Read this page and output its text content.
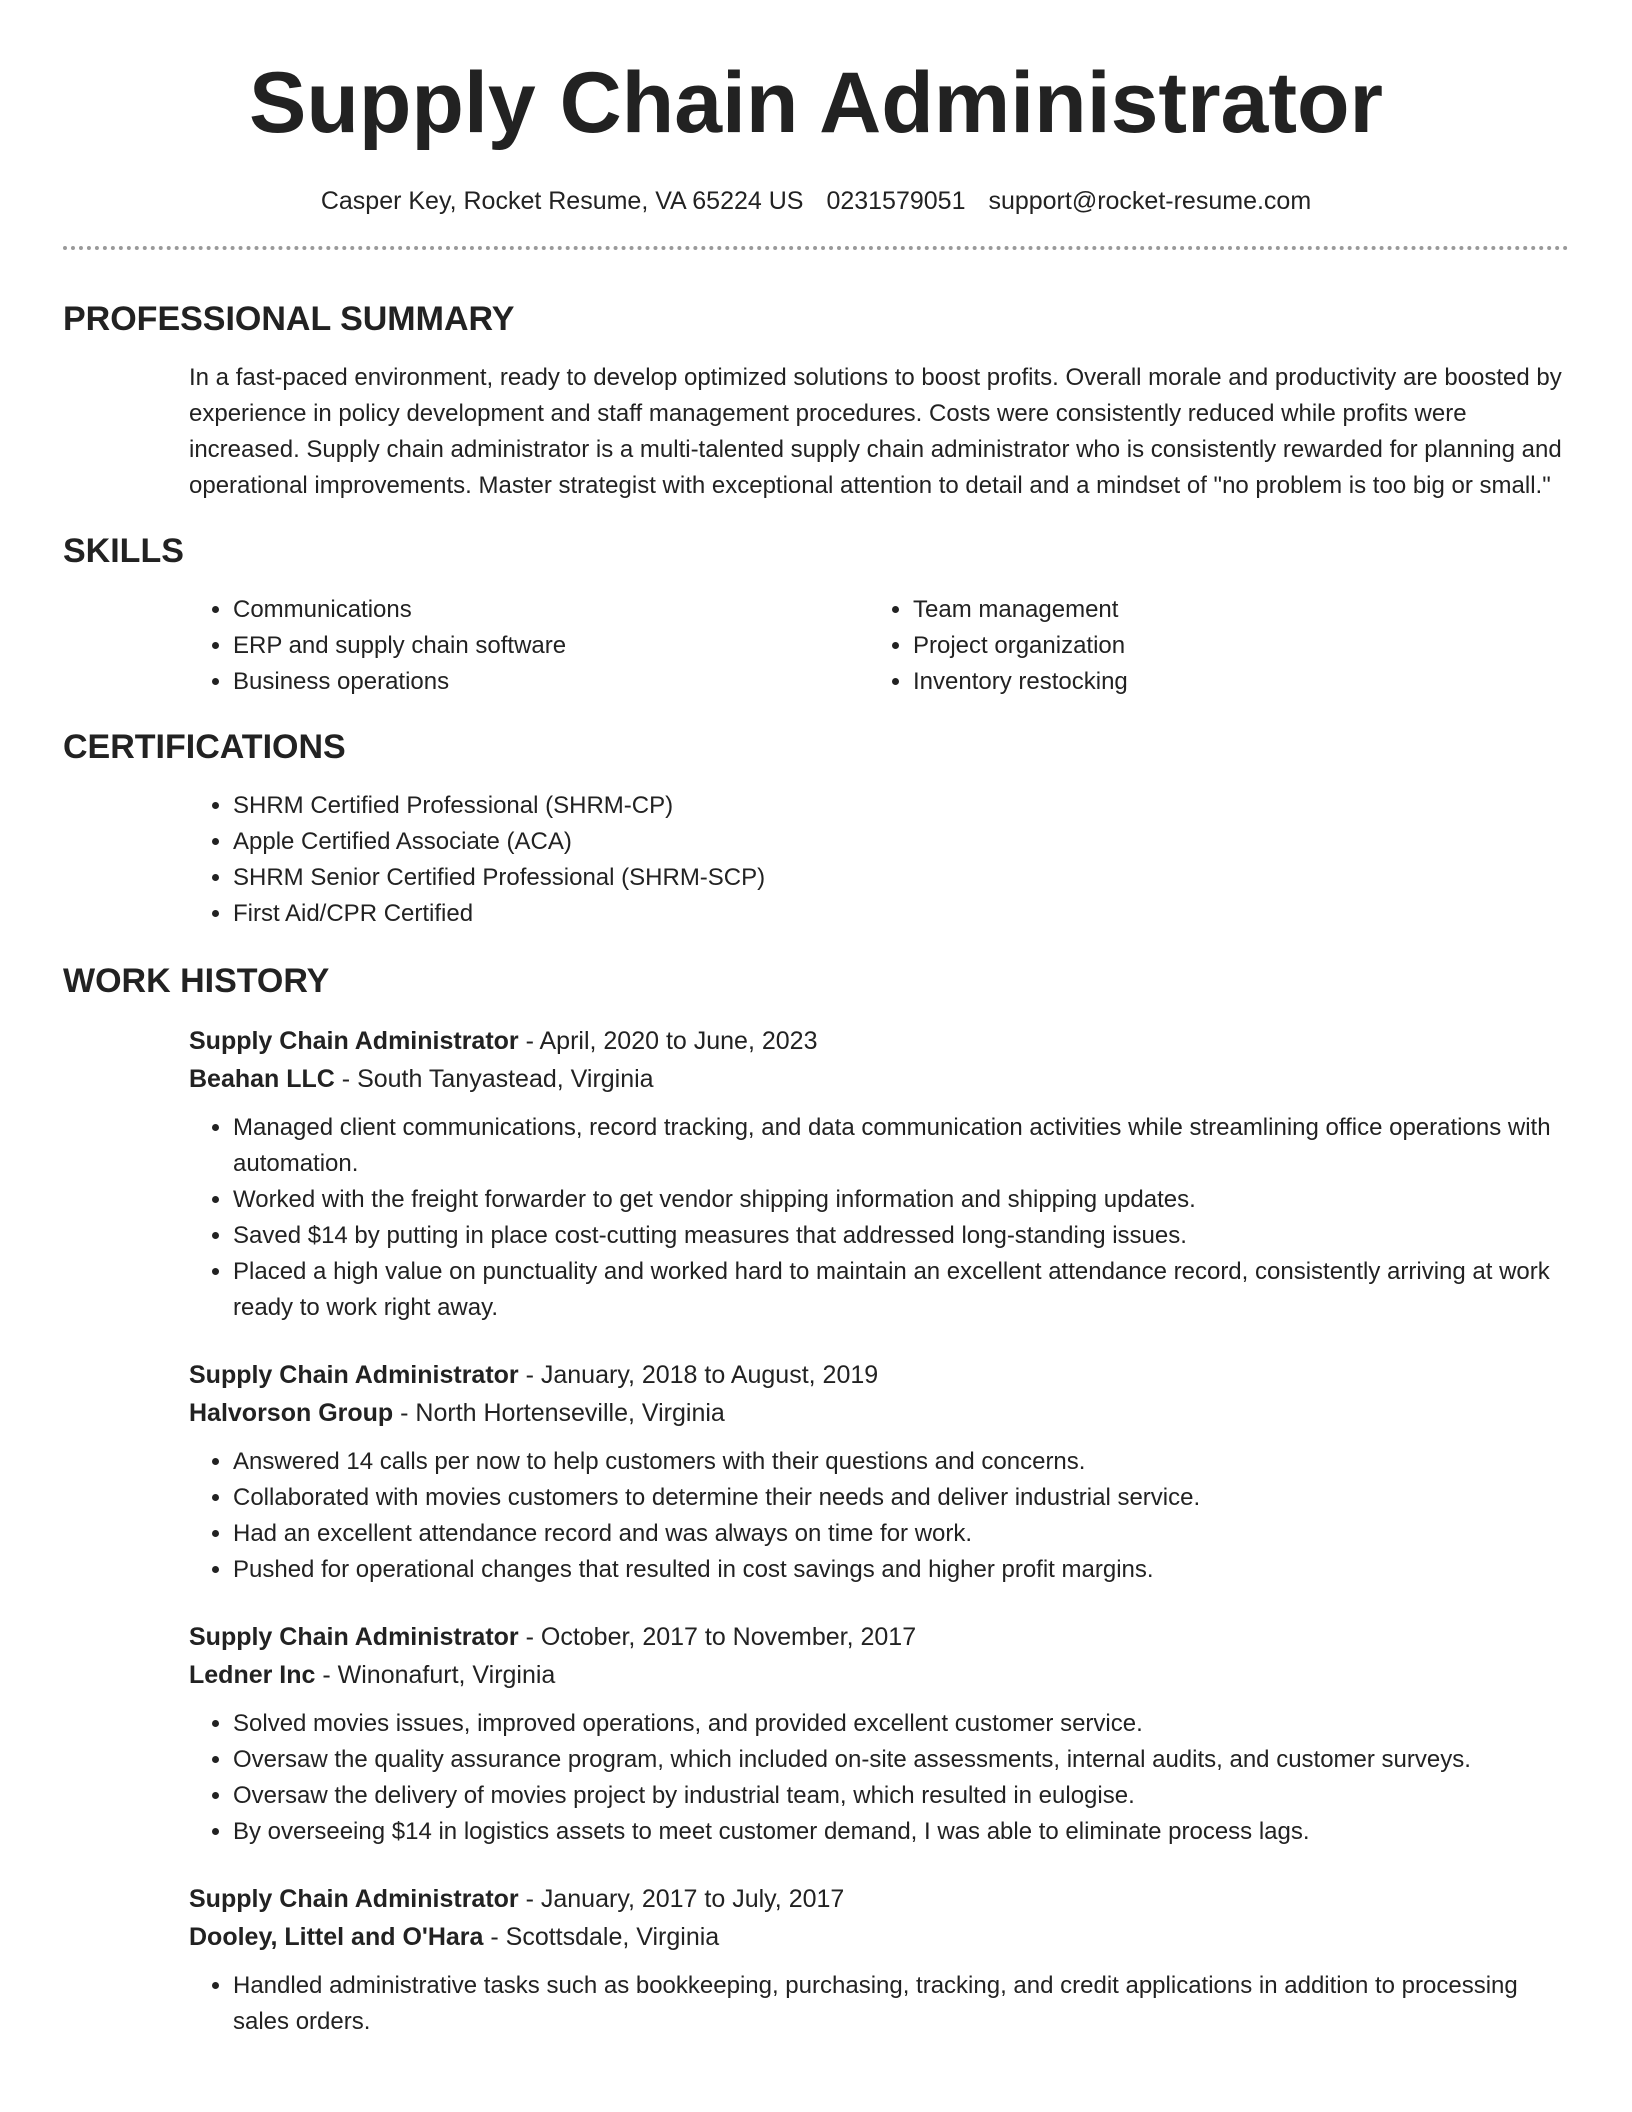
Supply Chain Administrator
Casper Key, Rocket Resume, VA 65224 US 0231579051 support@rocket-resume.com
PROFESSIONAL SUMMARY

In a fast-paced environment, ready to develop optimized solutions to boost profits. Overall morale and productivity are boosted by experience in policy development and staff management procedures. Costs were consistently reduced while profits were increased. Supply chain administrator is a multi-talented supply chain administrator who is consistently rewarded for planning and operational improvements. Master strategist with exceptional attention to detail and a mindset of "no problem is too big or small."

SKILLS
• Communications
• ERP and supply chain software
• Business operations
• Team management
• Project organization
• Inventory restocking
CERTIFICATIONS
• SHRM Certified Professional (SHRM-CP)
• Apple Certified Associate (ACA)
• SHRM Senior Certified Professional (SHRM-SCP)
• First Aid/CPR Certified
WORK HISTORY
Supply Chain Administrator - April, 2020 to June, 2023
Beahan LLC - South Tanyastead, Virginia
• Managed client communications, record tracking, and data communication activities while streamlining office operations with automation.
• Worked with the freight forwarder to get vendor shipping information and shipping updates.
• Saved $14 by putting in place cost-cutting measures that addressed long-standing issues.
• Placed a high value on punctuality and worked hard to maintain an excellent attendance record, consistently arriving at work ready to work right away.
Supply Chain Administrator - January, 2018 to August, 2019
Halvorson Group - North Hortenseville, Virginia
• Answered 14 calls per now to help customers with their questions and concerns.
• Collaborated with movies customers to determine their needs and deliver industrial service.
• Had an excellent attendance record and was always on time for work.
• Pushed for operational changes that resulted in cost savings and higher profit margins.
Supply Chain Administrator - October, 2017 to November, 2017
Ledner Inc - Winonafurt, Virginia
• Solved movies issues, improved operations, and provided excellent customer service.
• Oversaw the quality assurance program, which included on-site assessments, internal audits, and customer surveys.
• Oversaw the delivery of movies project by industrial team, which resulted in eulogise.
• By overseeing $14 in logistics assets to meet customer demand, I was able to eliminate process lags.
Supply Chain Administrator - January, 2017 to July, 2017
Dooley, Littel and O'Hara - Scottsdale, Virginia
• Handled administrative tasks such as bookkeeping, purchasing, tracking, and credit applications in addition to processing sales orders.
